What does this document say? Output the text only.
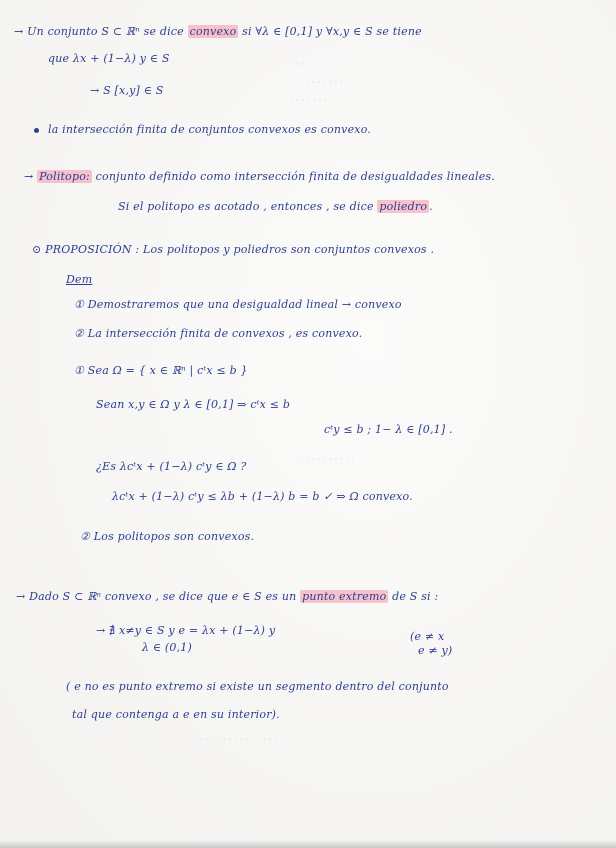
· · · · · · · · ·
· · · · · · · ·
· · · · · · ·
· · · · · · · · · ·
· · · · · · · · · · · · · · ·
→ Un conjunto S ⊂ ℝⁿ se dice convexo si ∀λ ∈ [0,1] y ∀x,y ∈ S se tiene
que λx + (1−λ) y ∈ S
→ S [x,y] ∈ S
la intersección finita de conjuntos convexos es convexo.
→ Politopo: conjunto definido como intersección finita de desigualdades lineales.
Si el politopo es acotado , entonces , se dice poliedro .
⊙ PROPOSICIÓN : Los politopos y poliedros son conjuntos convexos .
Dem
① Demostraremos que una desigualdad lineal → convexo
② La intersección finita de convexos , es convexo.
① Sea Ω = { x ∈ ℝⁿ | cᵗx ≤ b }
Sean x,y ∈ Ω y λ ∈ [0,1] ⇒ cᵗx ≤ b
cᵗy ≤ b ; 1− λ ∈ [0,1] .
¿Es λcᵗx + (1−λ) cᵗy ∈ Ω ?
λcᵗx + (1−λ) cᵗy ≤ λb + (1−λ) b = b ✓ ⇒ Ω convexo.
② Los politopos son convexos.
→ Dado S ⊂ ℝⁿ convexo , se dice que e ∈ S es un punto extremo de S si :
→ ∄ x≠y ∈ S y e = λx + (1−λ) y	(e ≠ x
λ ∈ (0,1)	e ≠ y)
( e no es punto extremo si existe un segmento dentro del conjunto
tal que contenga a e en su interior).
